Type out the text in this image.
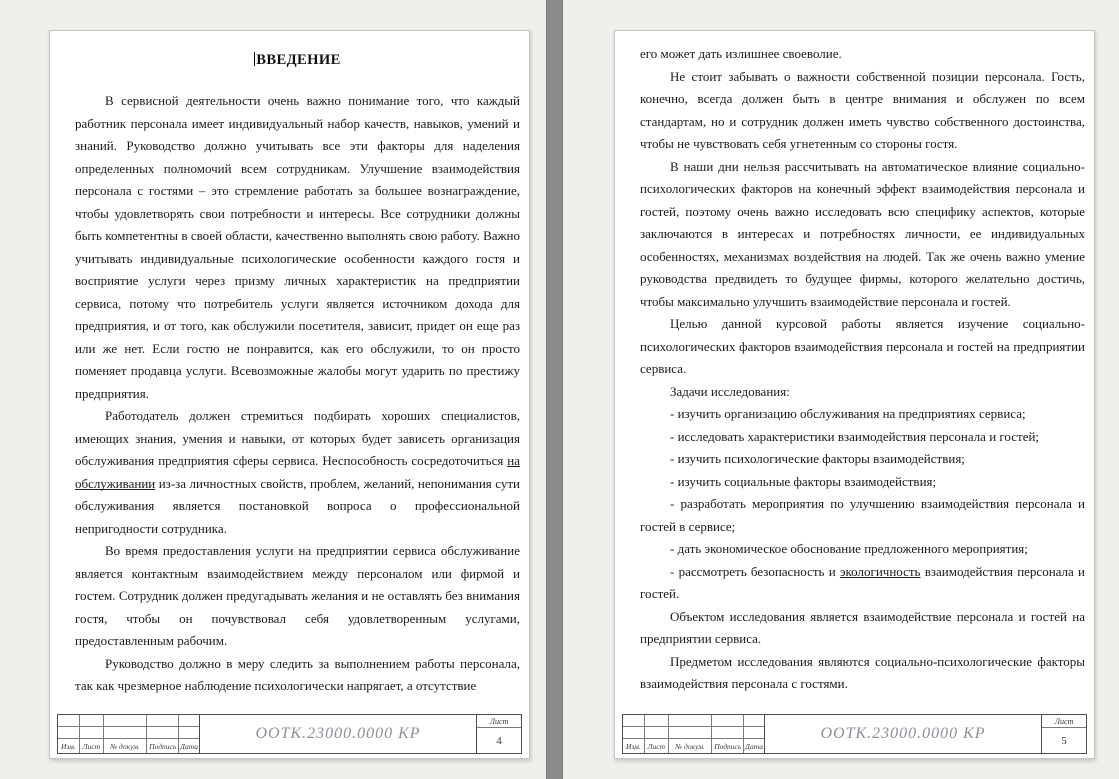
ВВЕДЕНИЕ

В сервисной деятельности очень важно понимание того, что каждый работник персонала имеет индивидуальный набор качеств, навыков, умений и знаний. Руководство должно учитывать все эти факторы для наделения определенных полномочий всем сотрудникам. Улучшение взаимодействия персонала с гостями – это стремление работать за большее вознаграждение, чтобы удовлетворять свои потребности и интересы. Все сотрудники должны быть компетентны в своей области, качественно выполнять свою работу. Важно учитывать индивидуальные психологические особенности каждого гостя и восприятие услуги через призму личных характеристик на предприятии сервиса, потому что потребитель услуги является источником дохода для предприятия, и от того, как обслужили посетителя, зависит, придет он еще раз или же нет. Если гостю не понравится, как его обслужили, то он просто поменяет продавца услуги. Всевозможные жалобы могут ударить по престижу предприятия.

Работодатель должен стремиться подбирать хороших специалистов, имеющих знания, умения и навыки, от которых будет зависеть организация обслуживания предприятия сферы сервиса. Неспособность сосредоточиться на обслуживании из-за личностных свойств, проблем, желаний, непонимания сути обслуживания является постановкой вопроса о профессиональной непригодности сотрудника.

Во время предоставления услуги на предприятии сервиса обслуживание является контактным взаимодействием между персоналом или фирмой и гостем. Сотрудник должен предугадывать желания и не оставлять без внимания гостя, чтобы он почувствовал себя удовлетворенным услугами, предоставленным рабочим.

Руководство должно в меру следить за выполнением работы персонала, так как чрезмерное наблюдение психологически напрягает, а отсутствие

Изм. Лист	№ докум.	Подпись Дата
ООТК.23000.0000 КР
Лист
4

его может дать излишнее своеволие.

Не стоит забывать о важности собственной позиции персонала. Гость, конечно, всегда должен быть в центре внимания и обслужен по всем стандартам, но и сотрудник должен иметь чувство собственного достоинства, чтобы не чувствовать себя угнетенным со стороны гостя.

В наши дни нельзя рассчитывать на автоматическое влияние социально-психологических факторов на конечный эффект взаимодействия персонала и гостей, поэтому очень важно исследовать всю специфику аспектов, которые заключаются в интересах и потребностях личности, ее индивидуальных особенностях, механизмах воздействия на людей. Так же очень важно умение руководства предвидеть то будущее фирмы, которого желательно достичь, чтобы максимально улучшить взаимодействие персонала и гостей.

Целью данной курсовой работы является изучение социально-психологических факторов взаимодействия персонала и гостей на предприятии сервиса.

Задачи исследования:

- изучить организацию обслуживания на предприятиях сервиса;

- исследовать характеристики взаимодействия персонала и гостей;

- изучить психологические факторы взаимодействия;

- изучить социальные факторы взаимодействия;

- разработать мероприятия по улучшению взаимодействия персонала и гостей в сервисе;

- дать экономическое обоснование предложенного мероприятия;

- рассмотреть безопасность и экологичность взаимодействия персонала и гостей.

Объектом исследования является взаимодействие персонала и гостей на предприятии сервиса.

Предметом исследования являются социально-психологические факторы взаимодействия персонала с гостями.

Изм. Лист	№ докум.	Подпись Дата
ООТК.23000.0000 КР
Лист
5
